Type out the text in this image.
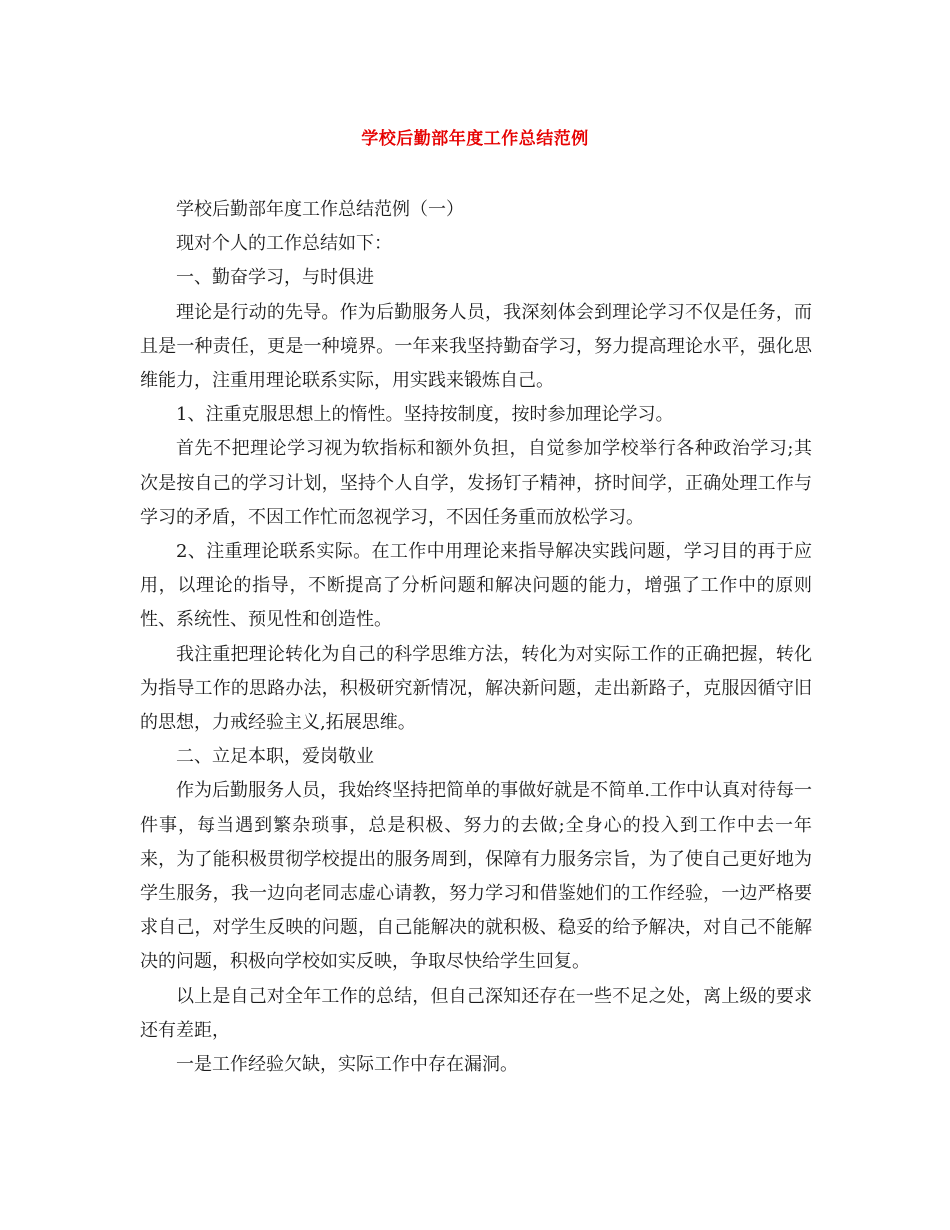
学校后勤部年度工作总结范例

学校后勤部年度工作总结范例（一）

现对个人的工作总结如下：

一、勤奋学习，与时俱进

理论是行动的先导。作为后勤服务人员，我深刻体会到理论学习不仅是任务，而且是一种责任，更是一种境界。一年来我坚持勤奋学习，努力提高理论水平，强化思维能力，注重用理论联系实际，用实践来锻炼自己。

1、注重克服思想上的惰性。坚持按制度，按时参加理论学习。

首先不把理论学习视为软指标和额外负担，自觉参加学校举行各种政治学习;其次是按自己的学习计划，坚持个人自学，发扬钉子精神，挤时间学，正确处理工作与学习的矛盾，不因工作忙而忽视学习，不因任务重而放松学习。

2、注重理论联系实际。在工作中用理论来指导解决实践问题，学习目的再于应用，以理论的指导，不断提高了分析问题和解决问题的能力，增强了工作中的原则性、系统性、预见性和创造性。

我注重把理论转化为自己的科学思维方法，转化为对实际工作的正确把握，转化为指导工作的思路办法，积极研究新情况，解决新问题，走出新路子，克服因循守旧的思想，力戒经验主义,拓展思维。

二、立足本职，爱岗敬业

作为后勤服务人员，我始终坚持把简单的事做好就是不简单.工作中认真对待每一件事，每当遇到繁杂琐事，总是积极、努力的去做;全身心的投入到工作中去一年来，为了能积极贯彻学校提出的服务周到，保障有力服务宗旨，为了使自己更好地为学生服务，我一边向老同志虚心请教，努力学习和借鉴她们的工作经验，一边严格要求自己，对学生反映的问题，自己能解决的就积极、稳妥的给予解决，对自己不能解决的问题，积极向学校如实反映，争取尽快给学生回复。

以上是自己对全年工作的总结，但自己深知还存在一些不足之处，离上级的要求还有差距，

一是工作经验欠缺，实际工作中存在漏洞。
